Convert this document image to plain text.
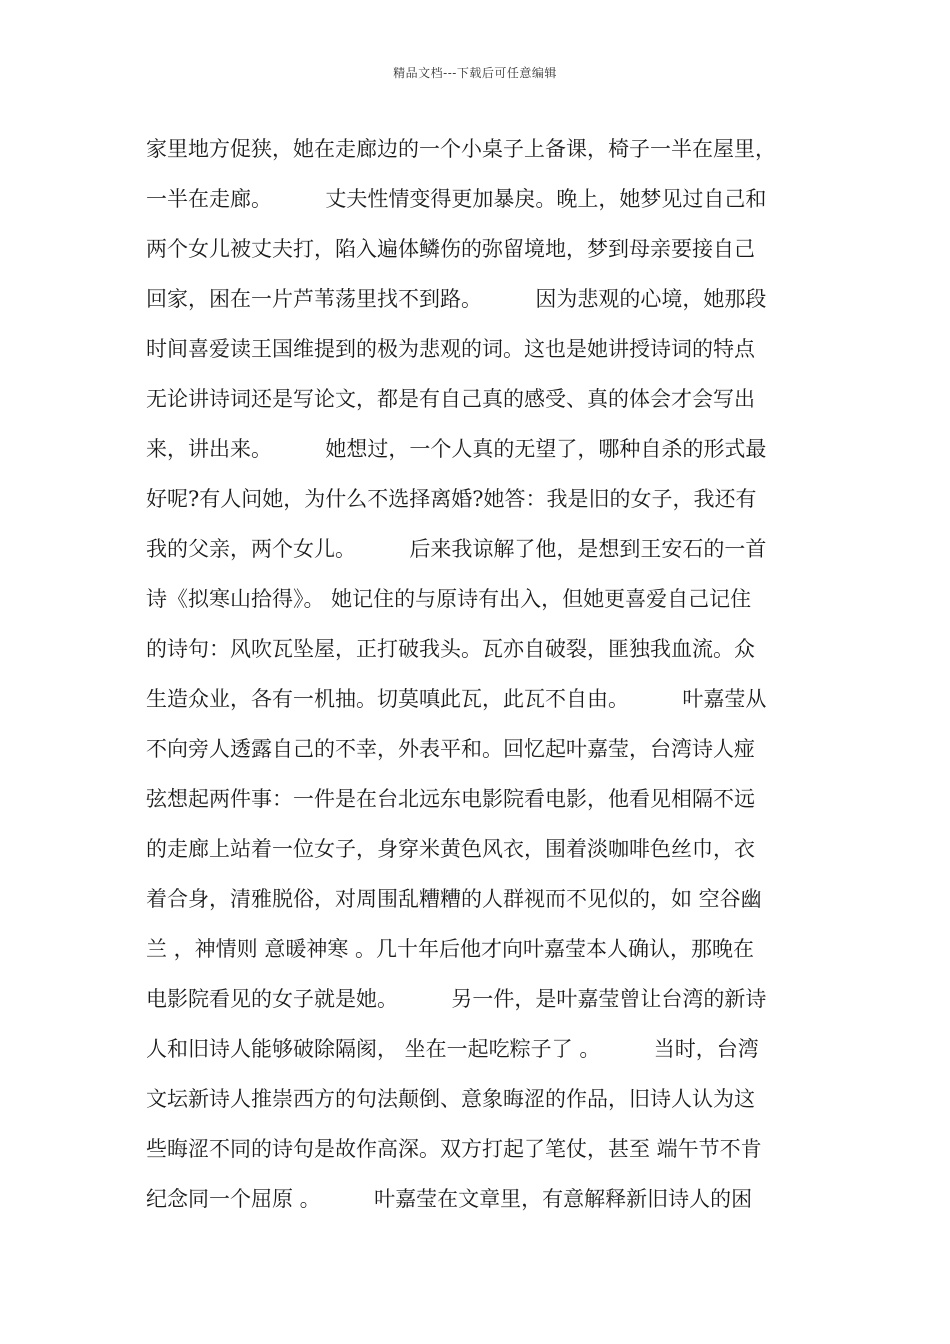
精品文档---下载后可任意编辑
家里地方促狭，她在走廊边的一个小桌子上备课，椅子一半在屋里，
一半在走廊。        丈夫性情变得更加暴戾。晚上，她梦见过自己和
两个女儿被丈夫打，陷入遍体鳞伤的弥留境地，梦到母亲要接自己
回家，困在一片芦苇荡里找不到路。        因为悲观的心境，她那段
时间喜爱读王国维提到的极为悲观的词。这也是她讲授诗词的特点
无论讲诗词还是写论文，都是有自己真的感受、真的体会才会写出
来，讲出来。        她想过，一个人真的无望了，哪种自杀的形式最
好呢?有人问她，为什么不选择离婚?她答：我是旧的女子，我还有
我的父亲，两个女儿。        后来我谅解了他，是想到王安石的一首
诗《拟寒山拾得》。 她记住的与原诗有出入，但她更喜爱自己记住
的诗句：风吹瓦坠屋，正打破我头。瓦亦自破裂，匪独我血流。众
生造众业，各有一机抽。切莫嗔此瓦，此瓦不自由。        叶嘉莹从
不向旁人透露自己的不幸，外表平和。回忆起叶嘉莹，台湾诗人痖
弦想起两件事：一件是在台北远东电影院看电影，他看见相隔不远
的走廊上站着一位女子，身穿米黄色风衣，围着淡咖啡色丝巾，衣
着合身，清雅脱俗，对周围乱糟糟的人群视而不见似的，如 空谷幽
兰 ，神情则 意暖神寒 。几十年后他才向叶嘉莹本人确认，那晚在
电影院看见的女子就是她。        另一件，是叶嘉莹曾让台湾的新诗
人和旧诗人能够破除隔阂， 坐在一起吃粽子了 。        当时，台湾
文坛新诗人推崇西方的句法颠倒、意象晦涩的作品，旧诗人认为这
些晦涩不同的诗句是故作高深。双方打起了笔仗，甚至 端午节不肯
纪念同一个屈原 。        叶嘉莹在文章里，有意解释新旧诗人的困
